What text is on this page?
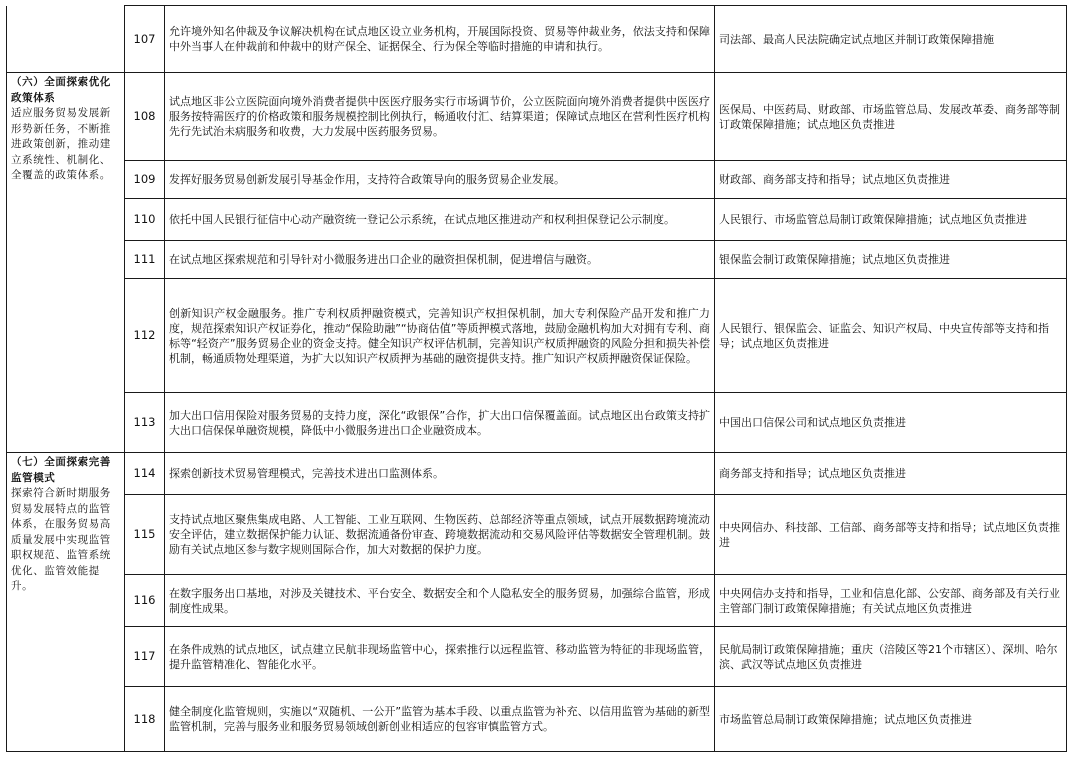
	107	允许境外知名仲裁及争议解决机构在试点地区设立业务机构，开展国际投资、贸易等仲裁业务，依法支持和保障中外当事人在仲裁前和仲裁中的财产保全、证据保全、行为保全等临时措施的申请和执行。	司法部、最高人民法院确定试点地区并制订政策保障措施

（六）全面探索优化政策体系
适应服务贸易发展新形势新任务，不断推进政策创新，推动建立系统性、机制化、全覆盖的政策体系。	108	试点地区非公立医院面向境外消费者提供中医医疗服务实行市场调节价，公立医院面向境外消费者提供中医医疗服务按特需医疗的价格政策和服务规模控制比例执行，畅通收付汇、结算渠道；保障试点地区在营利性医疗机构先行先试治未病服务和收费，大力发展中医药服务贸易。	医保局、中医药局、财政部、市场监管总局、发展改革委、商务部等制订政策保障措施；试点地区负责推进
	109	发挥好服务贸易创新发展引导基金作用，支持符合政策导向的服务贸易企业发展。	财政部、商务部支持和指导；试点地区负责推进
	110	依托中国人民银行征信中心动产融资统一登记公示系统，在试点地区推进动产和权利担保登记公示制度。	人民银行、市场监管总局制订政策保障措施；试点地区负责推进
	111	在试点地区探索规范和引导针对小微服务进出口企业的融资担保机制，促进增信与融资。	银保监会制订政策保障措施；试点地区负责推进
	112	创新知识产权金融服务。推广专利权质押融资模式，完善知识产权担保机制，加大专利保险产品开发和推广力度，规范探索知识产权证券化，推动“保险助融”“协商估值”等质押模式落地，鼓励金融机构加大对拥有专利、商标等“轻资产”服务贸易企业的资金支持。健全知识产权评估机制，完善知识产权质押融资的风险分担和损失补偿机制，畅通质物处理渠道，为扩大以知识产权质押为基础的融资提供支持。推广知识产权质押融资保证保险。	人民银行、银保监会、证监会、知识产权局、中央宣传部等支持和指导；试点地区负责推进
	113	加大出口信用保险对服务贸易的支持力度，深化“政银保”合作，扩大出口信保覆盖面。试点地区出台政策支持扩大出口信保保单融资规模，降低中小微服务进出口企业融资成本。	中国出口信保公司和试点地区负责推进

（七）全面探索完善监管模式
探索符合新时期服务贸易发展特点的监管体系，在服务贸易高质量发展中实现监管职权规范、监管系统优化、监管效能提升。	114	探索创新技术贸易管理模式，完善技术进出口监测体系。	商务部支持和指导；试点地区负责推进
	115	支持试点地区聚焦集成电路、人工智能、工业互联网、生物医药、总部经济等重点领域，试点开展数据跨境流动安全评估，建立数据保护能力认证、数据流通备份审查、跨境数据流动和交易风险评估等数据安全管理机制。鼓励有关试点地区参与数字规则国际合作，加大对数据的保护力度。	中央网信办、科技部、工信部、商务部等支持和指导；试点地区负责推进
	116	在数字服务出口基地，对涉及关键技术、平台安全、数据安全和个人隐私安全的服务贸易，加强综合监管，形成制度性成果。	中央网信办支持和指导，工业和信息化部、公安部、商务部及有关行业主管部门制订政策保障措施；有关试点地区负责推进
	117	在条件成熟的试点地区，试点建立民航非现场监管中心，探索推行以远程监管、移动监管为特征的非现场监管，提升监管精准化、智能化水平。	民航局制订政策保障措施；重庆（涪陵区等21个市辖区）、深圳、哈尔滨、武汉等试点地区负责推进
	118	健全制度化监管规则，实施以“双随机、一公开”监管为基本手段、以重点监管为补充、以信用监管为基础的新型监管机制，完善与服务业和服务贸易领域创新创业相适应的包容审慎监管方式。	市场监管总局制订政策保障措施；试点地区负责推进
